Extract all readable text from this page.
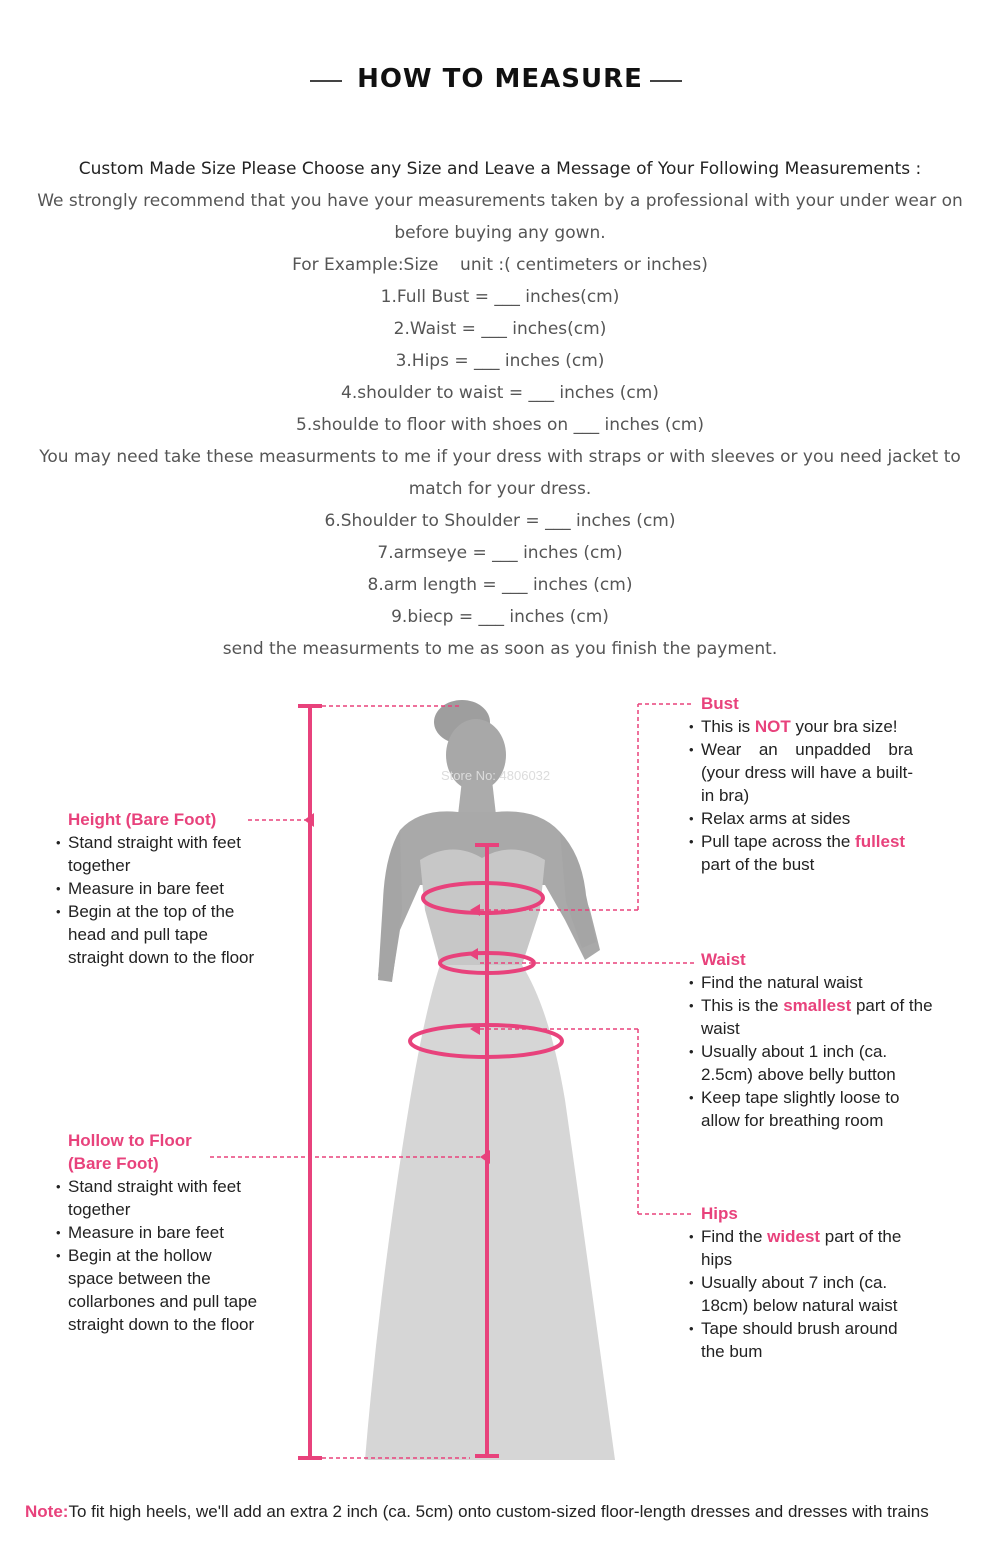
HOW TO MEASURE
Custom Made Size Please Choose any Size and Leave a Message of Your Following Measurements :
We strongly recommend that you have your measurements taken by a professional with your under wear on
before buying any gown.
For Example:Size    unit :( centimeters or inches)
1.Full Bust = ___ inches(cm)
2.Waist = ___ inches(cm)
3.Hips = ___ inches (cm)
4.shoulder to waist = ___ inches (cm)
5.shoulde to floor with shoes on ___ inches (cm)
You may need take these measurments to me if your dress with straps or with sleeves or you need jacket to
match for your dress.
6.Shoulder to Shoulder = ___ inches (cm)
7.armseye = ___ inches (cm)
8.arm length = ___ inches (cm)
9.biecp = ___ inches (cm)
send the measurments to me as soon as you finish the payment.
Store No: 4806032
Height (Bare Foot)
• Stand straight with feet together
• Measure in bare feet
• Begin at the top of the head and pull tape straight down to the floor
Hollow to Floor
(Bare Foot)
• Stand straight with feet together
• Measure in bare feet
• Begin at the hollow space between the collarbones and pull tape straight down to the floor
Bust
• This is NOT your bra size!
• Wear an unpadded bra (your dress will have a built-in bra)
• Relax arms at sides
• Pull tape across the fullest part of the bust
Waist
• Find the natural waist
• This is the smallest part of the waist
• Usually about 1 inch (ca. 2.5cm) above belly button
• Keep tape slightly loose to allow for breathing room
Hips
• Find the widest part of the hips
• Usually about 7 inch (ca. 18cm) below natural waist
• Tape should brush around the bum
Note:To fit high heels, we'll add an extra 2 inch (ca. 5cm) onto custom-sized floor-length dresses and dresses with trains
